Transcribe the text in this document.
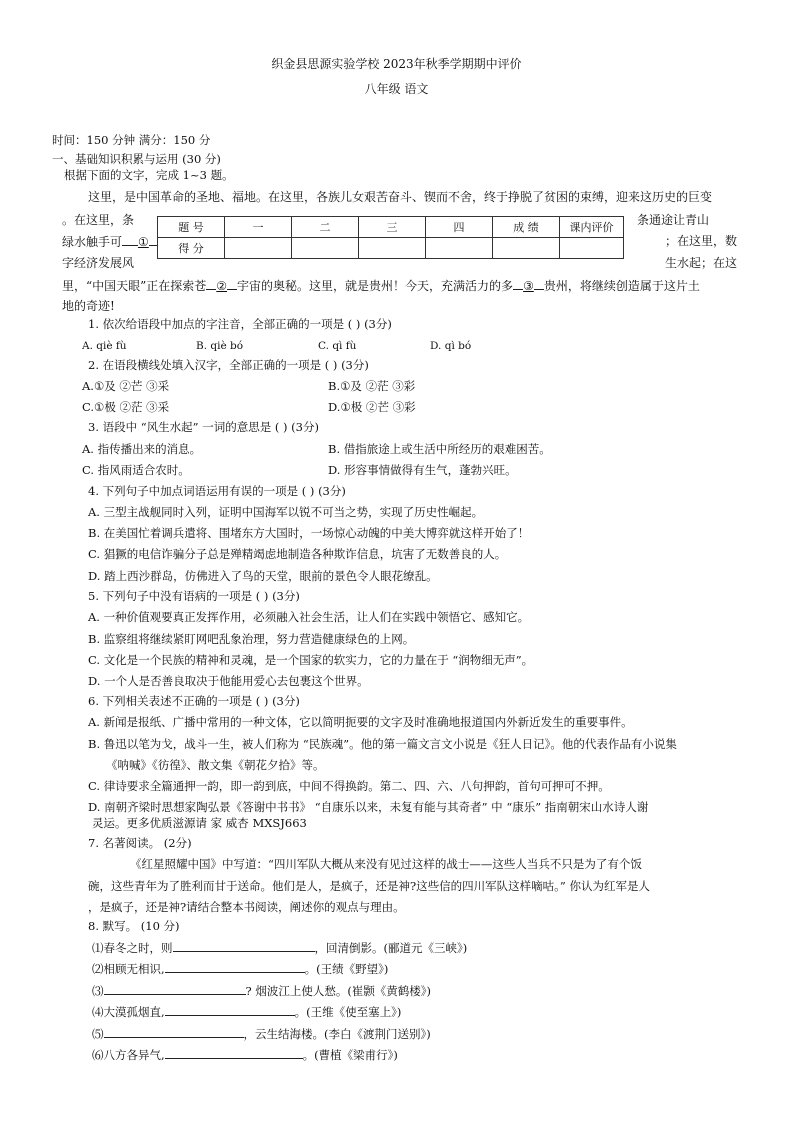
织金县思源实验学校 2023年秋季学期期中评价
八年级 语文
时间：150 分钟 满分：150 分
一、基础知识积累与运用 (30 分)
根据下面的文字，完成 1~3 题。
这里，是中国革命的圣地、福地。在这里，各族儿女艰苦奋斗、锲而不舍，终于挣脱了贫困的束缚，迎来这历史的巨变
。在这里，条	条通途让青山
绿水触手可 ①	；在这里，数
字经济发展风	生水起；在这
里，“中国天眼”正在探索苍 ② 宇宙的奥秘。这里，就是贵州！今天，充满活力的多 ③ 贵州，将继续创造属于这片土
地的奇迹!
题 号	一	二	三	四	成 绩	课内评价
得 分						
1. 依次给语段中加点的字注音，全部正确的一项是 ( ) (3分)
A. qiè fù	B. qiè bó	C. qì fù	D. qì bó
2. 在语段横线处填入汉字，全部正确的一项是 ( ) (3分)
A.①及 ②芒 ③采	B.①及 ②茫 ③彩
C.①极 ②茫 ③采	D.①极 ②芒 ③彩
3. 语段中 “风生水起” 一词的意思是 ( ) (3分)
A. 指传播出来的消息。	B. 借指旅途上或生活中所经历的艰难困苦。
C. 指风雨适合农时。	D. 形容事情做得有生气，蓬勃兴旺。
4. 下列句子中加点词语运用有误的一项是 ( ) (3分)
A. 三型主战舰同时入列，证明中国海军以锐不可当之势，实现了历史性崛起。
B. 在美国忙着调兵遣将、围堵东方大国时，一场惊心动魄的中美大博弈就这样开始了！
C. 猖獗的电信诈骗分子总是殚精竭虑地制造各种欺诈信息，坑害了无数善良的人。
D. 踏上西沙群岛，仿佛进入了鸟的天堂，眼前的景色令人眼花缭乱。
5. 下列句子中没有语病的一项是 ( ) (3分)
A. 一种价值观要真正发挥作用，必须融入社会生活，让人们在实践中领悟它、感知它。
B. 监察组将继续紧盯网吧乱象治理，努力营造健康绿色的上网。
C. 文化是一个民族的精神和灵魂，是一个国家的软实力，它的力量在于 “润物细无声”。
D. 一个人是否善良取决于他能用爱心去包裹这个世界。
6. 下列相关表述不正确的一项是 ( ) (3分)
A. 新闻是报纸、广播中常用的一种文体，它以简明扼要的文字及时准确地报道国内外新近发生的重要事件。
B. 鲁迅以笔为戈，战斗一生，被人们称为 “民族魂”。他的第一篇文言文小说是《狂人日记》。他的代表作品有小说集
《呐喊》《彷徨》、散文集《朝花夕拾》等。
C. 律诗要求全篇通押一韵，即一韵到底，中间不得换韵。第二、四、六、八句押韵，首句可押可不押。
D. 南朝齐梁时思想家陶弘景《答谢中书书》 “自康乐以来，未复有能与其奇者” 中 “康乐” 指南朝宋山水诗人谢
灵运。更多优质滋源请 家 威杏 MXSJ663
7. 名著阅读。 (2分)
《红星照耀中国》中写道：“四川军队大概从来没有见过这样的战士——这些人当兵不只是为了有个饭
碗，这些青年为了胜利而甘于送命。他们是人，是疯子，还是神?这些信的四川军队这样嘀咕。” 你认为红军是人
，是疯子，还是神?请结合整本书阅读，阐述你的观点与理由。
8. 默写。 (10 分)
⑴春冬之时，则	，回清倒影。(郦道元《三峡》)
⑵相顾无相识,	。(王绩《野望》)
⑶	? 烟波江上使人愁。(崔颢《黄鹤楼》)
⑷大漠孤烟直,	。(王维《使至塞上》)
⑸	，云生结海楼。(李白《渡荆门送别》)
⑹八方各异气,	。(曹植《梁甫行》)
